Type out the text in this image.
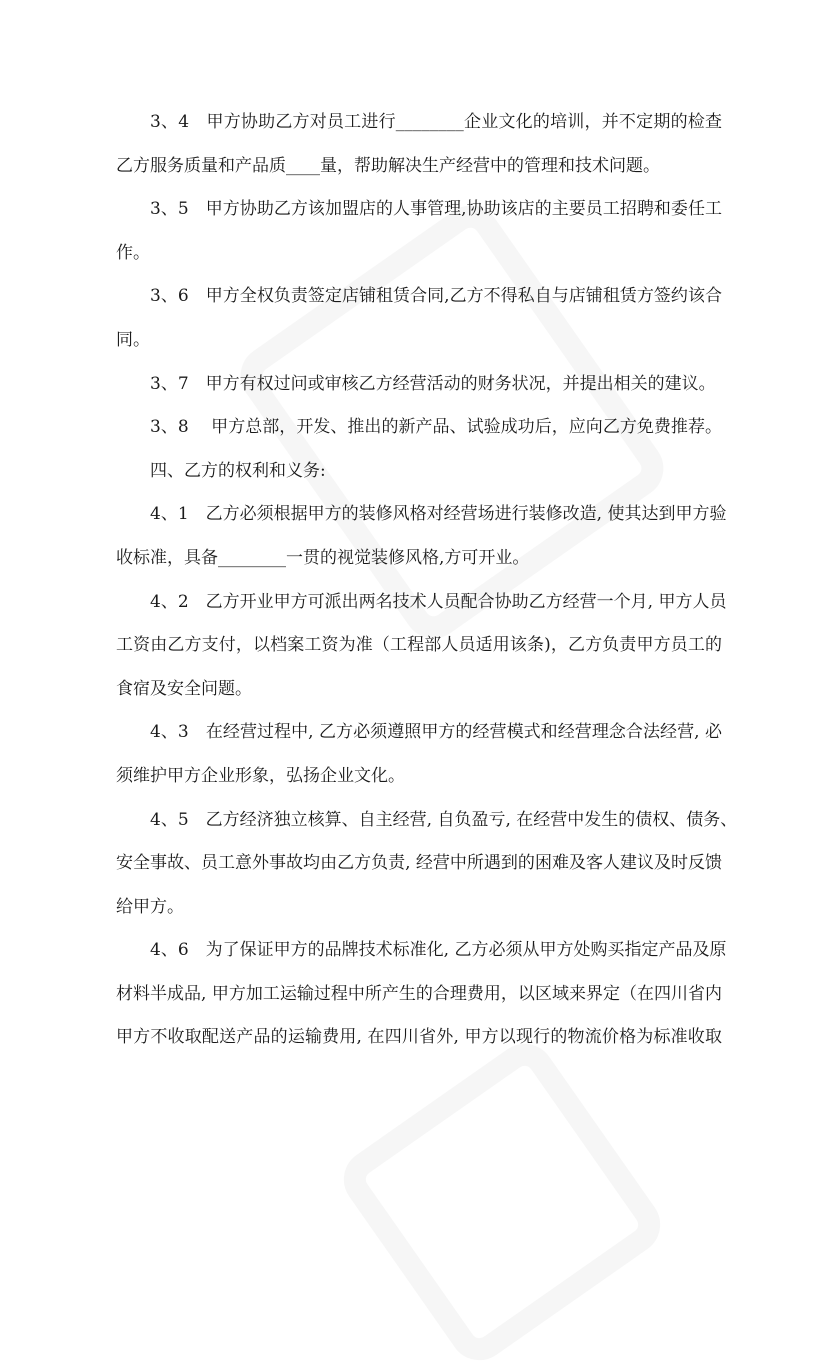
3、4　甲方协助乙方对员工进行________企业文化的培训，并不定期的检查
乙方服务质量和产品质____量，帮助解决生产经营中的管理和技术问题。
3、5　甲方协助乙方该加盟店的人事管理,协助该店的主要员工招聘和委任工
作。
3、6　甲方全权负责签定店铺租赁合同,乙方不得私自与店铺租赁方签约该合
同。
3、7　甲方有权过问或审核乙方经营活动的财务状况，并提出相关的建议。
3、8　 甲方总部，开发、推出的新产品、试验成功后，应向乙方免费推荐。
四、乙方的权利和义务:
4、1　乙方必须根据甲方的装修风格对经营场进行装修改造, 使其达到甲方验
收标准，具备________一贯的视觉装修风格,方可开业。
4、2　乙方开业甲方可派出两名技术人员配合协助乙方经营一个月, 甲方人员
工资由乙方支付，以档案工资为准（工程部人员适用该条)，乙方负责甲方员工的
食宿及安全问题。
4、3　在经营过程中, 乙方必须遵照甲方的经营模式和经营理念合法经营, 必
须维护甲方企业形象，弘扬企业文化。
4、5　乙方经济独立核算、自主经营, 自负盈亏, 在经营中发生的债权、债务、
安全事故、员工意外事故均由乙方负责, 经营中所遇到的困难及客人建议及时反馈
给甲方。
4、6　为了保证甲方的品牌技术标准化, 乙方必须从甲方处购买指定产品及原
材料半成品, 甲方加工运输过程中所产生的合理费用，以区域来界定（在四川省内
甲方不收取配送产品的运输费用, 在四川省外, 甲方以现行的物流价格为标准收取
